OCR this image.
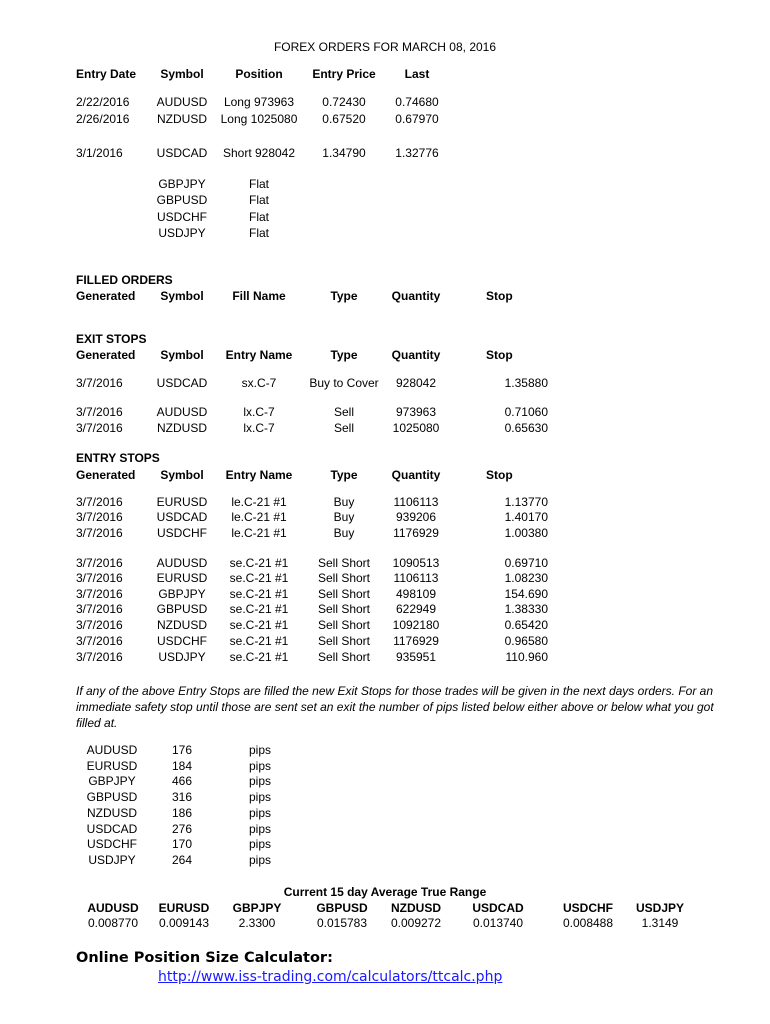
FOREX ORDERS FOR MARCH 08, 2016
Entry Date	Symbol	Position	Entry Price	Last
2/22/2016	AUDUSD	Long 973963	0.72430	0.74680
2/26/2016	NZDUSD	Long 1025080	0.67520	0.67970
3/1/2016	USDCAD	Short 928042	1.34790	1.32776
GBPJPY	Flat
GBPUSD	Flat
USDCHF	Flat
USDJPY	Flat
FILLED ORDERS
Generated	Symbol	Fill Name	Type	Quantity	Stop
EXIT STOPS
Generated	Symbol	Entry Name	Type	Quantity	Stop
3/7/2016	USDCAD	sx.C-7	Buy to Cover	928042	1.35880
3/7/2016	AUDUSD	lx.C-7	Sell	973963	0.71060
3/7/2016	NZDUSD	lx.C-7	Sell	1025080	0.65630
ENTRY STOPS
Generated	Symbol	Entry Name	Type	Quantity	Stop
3/7/2016	EURUSD	le.C-21 #1	Buy	1106113	1.13770
3/7/2016	USDCAD	le.C-21 #1	Buy	939206	1.40170
3/7/2016	USDCHF	le.C-21 #1	Buy	1176929	1.00380
3/7/2016	AUDUSD	se.C-21 #1	Sell Short	1090513	0.69710
3/7/2016	EURUSD	se.C-21 #1	Sell Short	1106113	1.08230
3/7/2016	GBPJPY	se.C-21 #1	Sell Short	498109	154.690
3/7/2016	GBPUSD	se.C-21 #1	Sell Short	622949	1.38330
3/7/2016	NZDUSD	se.C-21 #1	Sell Short	1092180	0.65420
3/7/2016	USDCHF	se.C-21 #1	Sell Short	1176929	0.96580
3/7/2016	USDJPY	se.C-21 #1	Sell Short	935951	110.960
If any of the above Entry Stops are filled the new Exit Stops for those trades will be given in the next days orders. For an immediate safety stop until those are sent set an exit the number of pips listed below either above or below what you got filled at.
AUDUSD	176	pips
EURUSD	184	pips
GBPJPY	466	pips
GBPUSD	316	pips
NZDUSD	186	pips
USDCAD	276	pips
USDCHF	170	pips
USDJPY	264	pips
Current 15 day Average True Range
AUDUSD	EURUSD	GBPJPY	GBPUSD	NZDUSD	USDCAD	USDCHF	USDJPY
0.008770	0.009143	2.3300	0.015783	0.009272	0.013740	0.008488	1.3149
Online Position Size Calculator:
http://www.iss-trading.com/calculators/ttcalc.php
